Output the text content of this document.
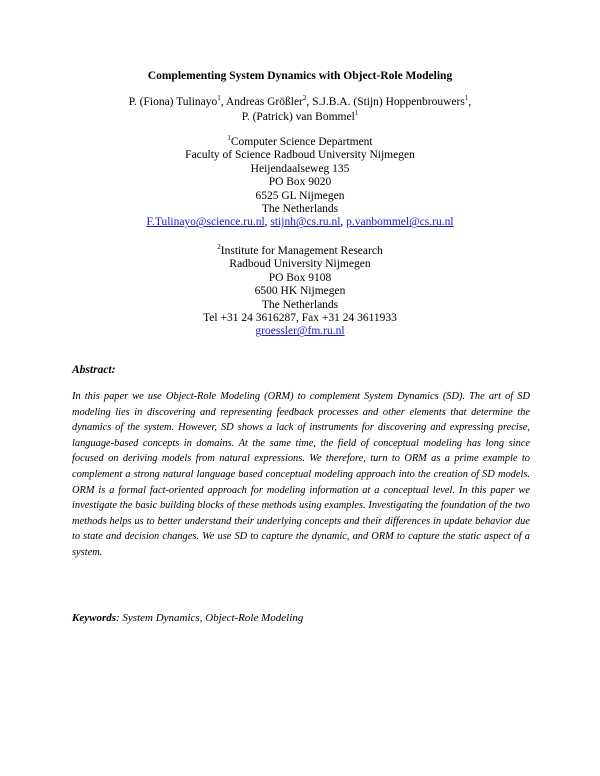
Complementing System Dynamics with Object-Role Modeling
P. (Fiona) Tulinayo$^1$, Andreas Größler$^2$, S.J.B.A. (Stijn) Hoppenbrouwers$^1$,
P. (Patrick) van Bommel$^1$
$^1$Computer Science Department
Faculty of Science Radboud University Nijmegen
Heijendaalseweg 135
PO Box 9020
6525 GL Nijmegen
The Netherlands
F.Tulinayo@science.ru.nl, stijnh@cs.ru.nl, p.vanbommel@cs.ru.nl
$^2$Institute for Management Research
Radboud University Nijmegen
PO Box 9108
6500 HK Nijmegen
The Netherlands
Tel +31 24 3616287, Fax +31 24 3611933
groessler@fm.ru.nl
Abstract:
In this paper we use Object-Role Modeling (ORM) to complement System Dynamics (SD). The art of SD modeling lies in discovering and representing feedback processes and other elements that determine the dynamics of the system. However, SD shows a lack of instruments for discovering and expressing precise, language-based concepts in domains. At the same time, the field of conceptual modeling has long since focused on deriving models from natural expressions. We therefore, turn to ORM as a prime example to complement a strong natural language based conceptual modeling approach into the creation of SD models. ORM is a formal fact-oriented approach for modeling information at a conceptual level. In this paper we investigate the basic building blocks of these methods using examples. Investigating the foundation of the two methods helps us to better understand their underlying concepts and their differences in update behavior due to state and decision changes. We use SD to capture the dynamic, and ORM to capture the static aspect of a system.
Keywords: System Dynamics, Object-Role Modeling
